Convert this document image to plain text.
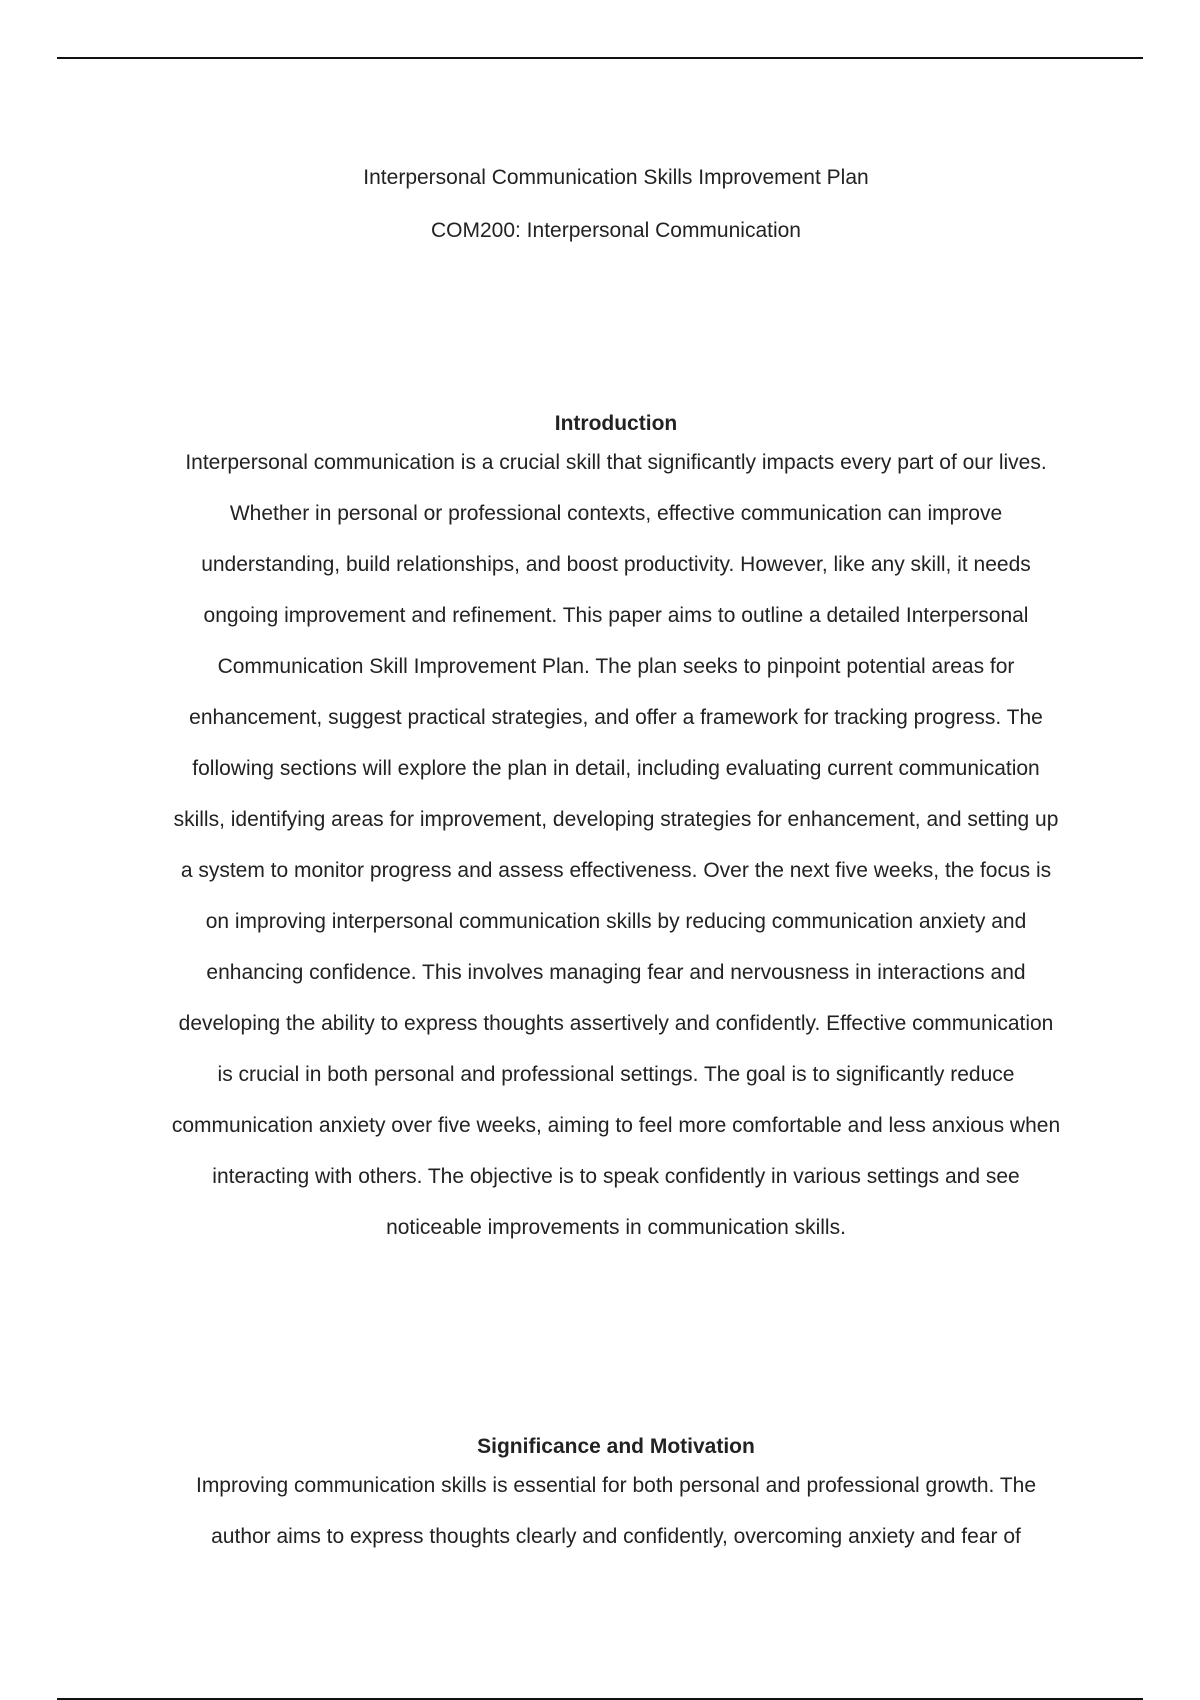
Interpersonal Communication Skills Improvement Plan
COM200: Interpersonal Communication
Introduction
Interpersonal communication is a crucial skill that significantly impacts every part of our lives.
Whether in personal or professional contexts, effective communication can improve
understanding, build relationships, and boost productivity. However, like any skill, it needs
ongoing improvement and refinement. This paper aims to outline a detailed Interpersonal
Communication Skill Improvement Plan. The plan seeks to pinpoint potential areas for
enhancement, suggest practical strategies, and offer a framework for tracking progress. The
following sections will explore the plan in detail, including evaluating current communication
skills, identifying areas for improvement, developing strategies for enhancement, and setting up
a system to monitor progress and assess effectiveness. Over the next five weeks, the focus is
on improving interpersonal communication skills by reducing communication anxiety and
enhancing confidence. This involves managing fear and nervousness in interactions and
developing the ability to express thoughts assertively and confidently. Effective communication
is crucial in both personal and professional settings. The goal is to significantly reduce
communication anxiety over five weeks, aiming to feel more comfortable and less anxious when
interacting with others. The objective is to speak confidently in various settings and see
noticeable improvements in communication skills.
Significance and Motivation
Improving communication skills is essential for both personal and professional growth. The
author aims to express thoughts clearly and confidently, overcoming anxiety and fear of
